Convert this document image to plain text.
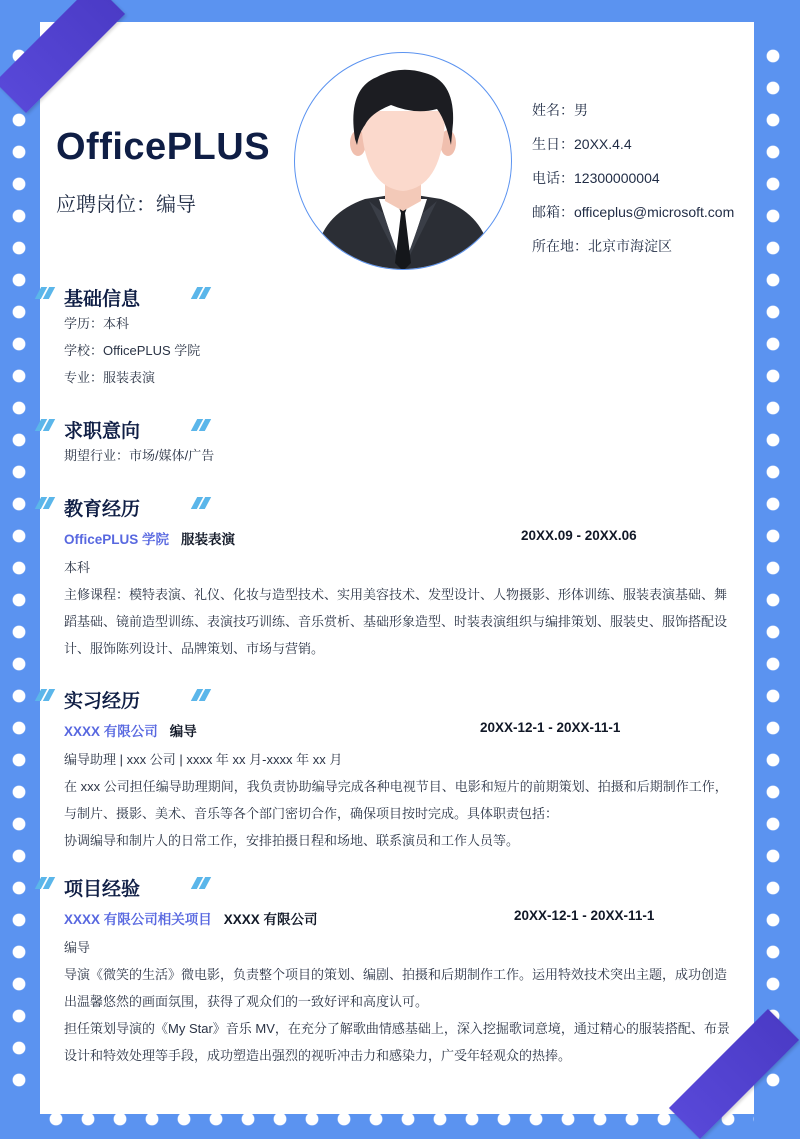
OfficePLUS
应聘岗位：编导
姓名：男
生日：20XX.4.4
电话：12300000004
邮箱：officeplus@microsoft.com
所在地：北京市海淀区
基础信息
学历：本科
学校：OfficePLUS 学院
专业：服装表演
求职意向
期望行业：市场/媒体/广告
教育经历
OfficePLUS 学院 服装表演	20XX.09 - 20XX.06
本科
主修课程：模特表演、礼仪、化妆与造型技术、实用美容技术、发型设计、人物摄影、形体训练、服装表演基础、舞蹈基础、镜前造型训练、表演技巧训练、音乐赏析、基础形象造型、时装表演组织与编排策划、服装史、服饰搭配设计、服饰陈列设计、品牌策划、市场与营销。
实习经历
XXXX 有限公司 编导	20XX-12-1 - 20XX-11-1
编导助理 | xxx 公司 | xxxx 年 xx 月-xxxx 年 xx 月
在 xxx 公司担任编导助理期间，我负责协助编导完成各种电视节目、电影和短片的前期策划、拍摄和后期制作工作，与制片、摄影、美术、音乐等各个部门密切合作，确保项目按时完成。具体职责包括：
协调编导和制片人的日常工作，安排拍摄日程和场地、联系演员和工作人员等。
项目经验
XXXX 有限公司相关项目 XXXX 有限公司	20XX-12-1 - 20XX-11-1
编导
导演《微笑的生活》微电影，负责整个项目的策划、编剧、拍摄和后期制作工作。运用特效技术突出主题，成功创造出温馨悠然的画面氛围，获得了观众们的一致好评和高度认可。
担任策划导演的《My Star》音乐 MV，在充分了解歌曲情感基础上，深入挖掘歌词意境，通过精心的服装搭配、布景设计和特效处理等手段，成功塑造出强烈的视听冲击力和感染力，广受年轻观众的热捧。
